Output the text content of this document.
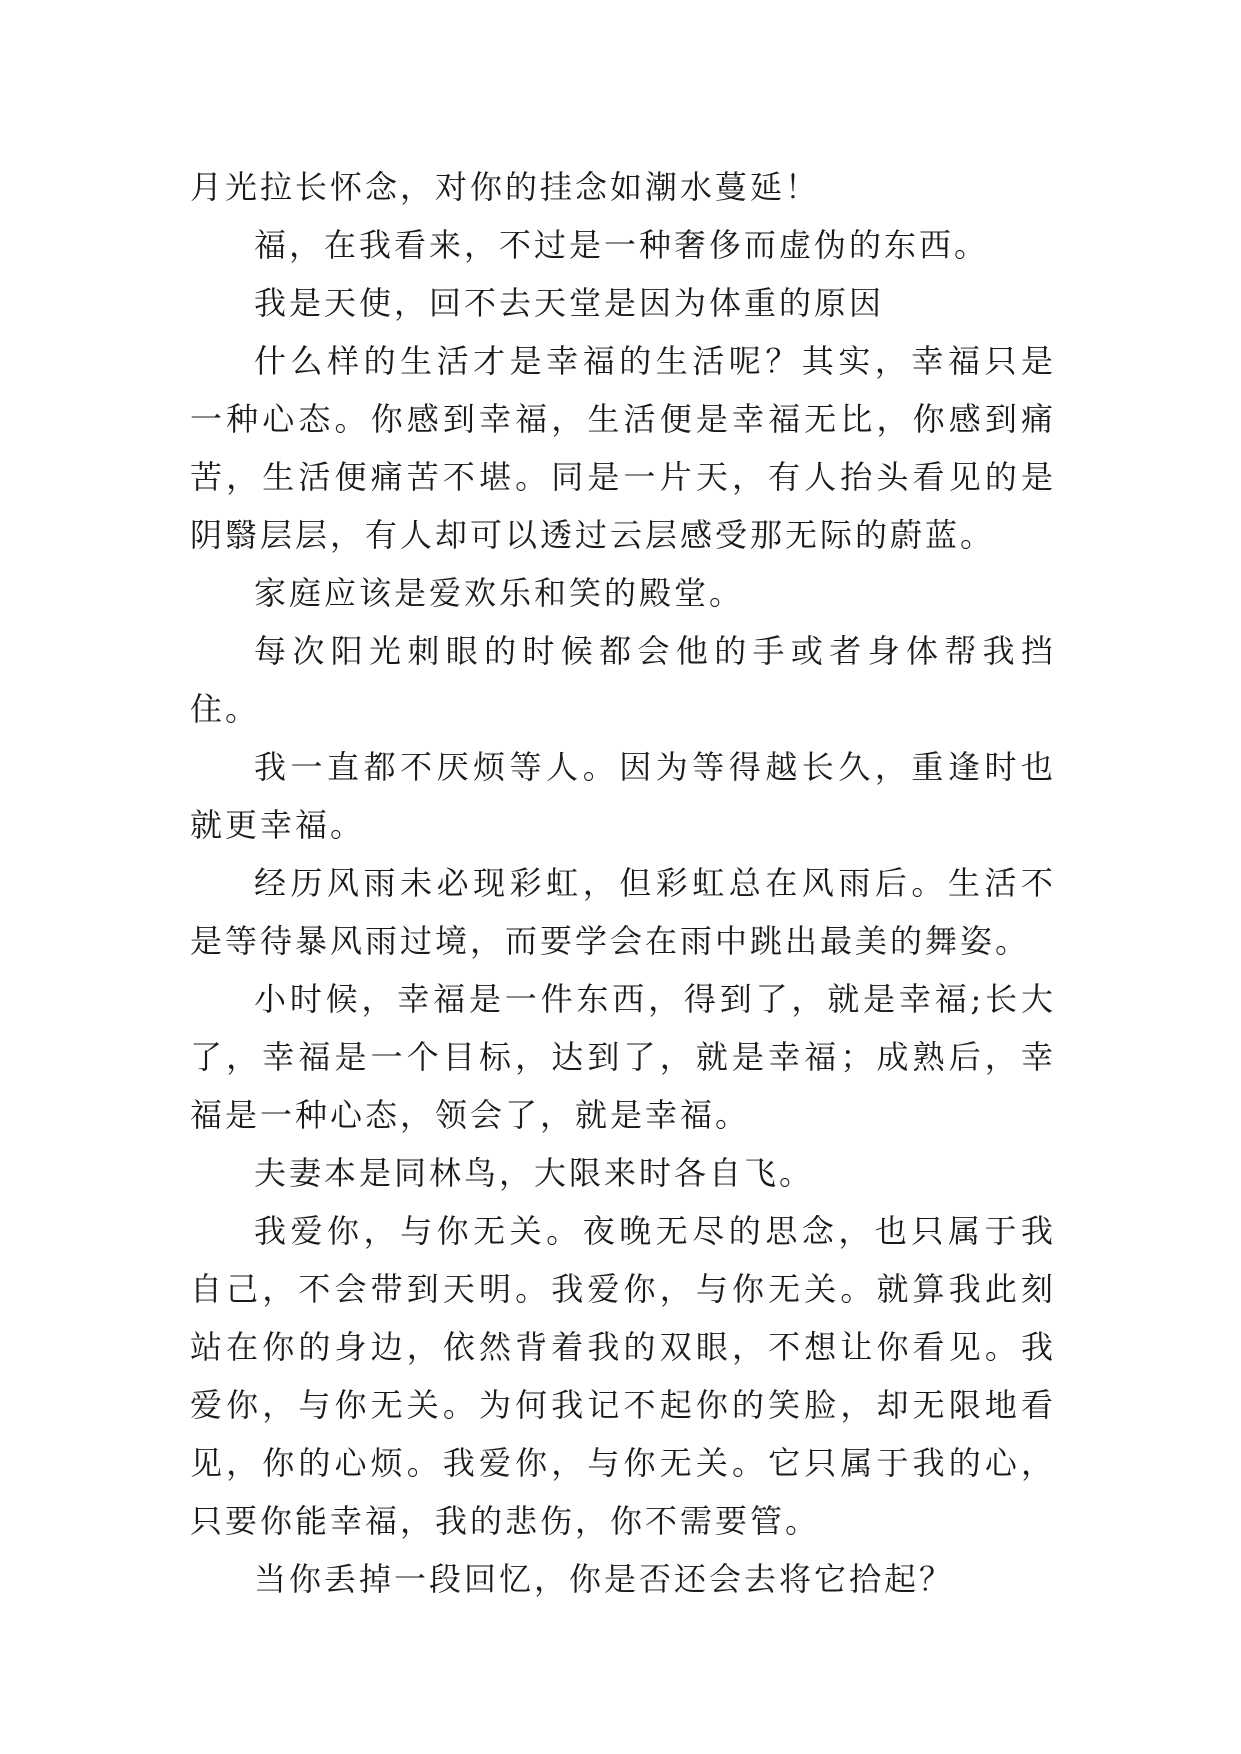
月光拉长怀念，对你的挂念如潮水蔓延！

福，在我看来，不过是一种奢侈而虚伪的东西。

我是天使，回不去天堂是因为体重的原因

什么样的生活才是幸福的生活呢？其实，幸福只是一种心态。你感到幸福，生活便是幸福无比，你感到痛苦，生活便痛苦不堪。同是一片天，有人抬头看见的是阴翳层层，有人却可以透过云层感受那无际的蔚蓝。

家庭应该是爱欢乐和笑的殿堂。

每次阳光刺眼的时候都会他的手或者身体帮我挡住。

我一直都不厌烦等人。因为等得越长久，重逢时也就更幸福。

经历风雨未必现彩虹，但彩虹总在风雨后。生活不是等待暴风雨过境，而要学会在雨中跳出最美的舞姿。

小时候，幸福是一件东西，得到了，就是幸福;长大了，幸福是一个目标，达到了，就是幸福；成熟后，幸福是一种心态，领会了，就是幸福。

夫妻本是同林鸟，大限来时各自飞。

我爱你，与你无关。夜晚无尽的思念，也只属于我自己，不会带到天明。我爱你，与你无关。就算我此刻站在你的身边，依然背着我的双眼，不想让你看见。我爱你，与你无关。为何我记不起你的笑脸，却无限地看见，你的心烦。我爱你，与你无关。它只属于我的心，只要你能幸福，我的悲伤，你不需要管。

当你丢掉一段回忆，你是否还会去将它拾起？
